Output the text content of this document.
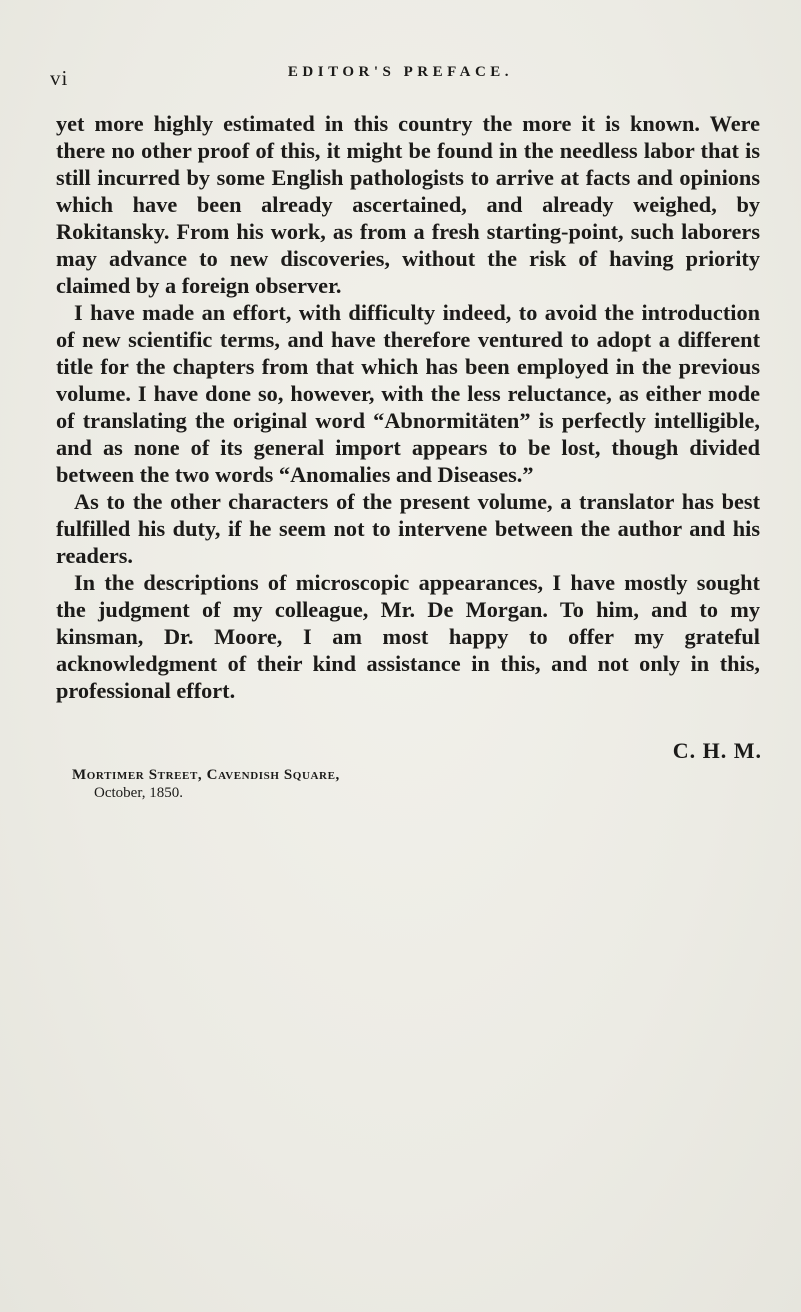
vi	EDITOR'S PREFACE.

yet more highly estimated in this country the more it is known. Were there no other proof of this, it might be found in the needless labor that is still incurred by some English pathologists to arrive at facts and opinions which have been already ascertained, and already weighed, by Rokitansky. From his work, as from a fresh starting-point, such laborers may advance to new discoveries, without the risk of having priority claimed by a foreign observer.

I have made an effort, with difficulty indeed, to avoid the introduction of new scientific terms, and have therefore ventured to adopt a different title for the chapters from that which has been employed in the previous volume. I have done so, however, with the less reluctance, as either mode of translating the original word “Abnormitäten” is perfectly intelligible, and as none of its general import appears to be lost, though divided between the two words “Anomalies and Diseases.”

As to the other characters of the present volume, a translator has best fulfilled his duty, if he seem not to intervene between the author and his readers.

In the descriptions of microscopic appearances, I have mostly sought the judgment of my colleague, Mr. De Morgan. To him, and to my kinsman, Dr. Moore, I am most happy to offer my grateful acknowledgment of their kind assistance in this, and not only in this, professional effort.

C. H. M.
Mortimer Street, Cavendish Square,
October, 1850.
